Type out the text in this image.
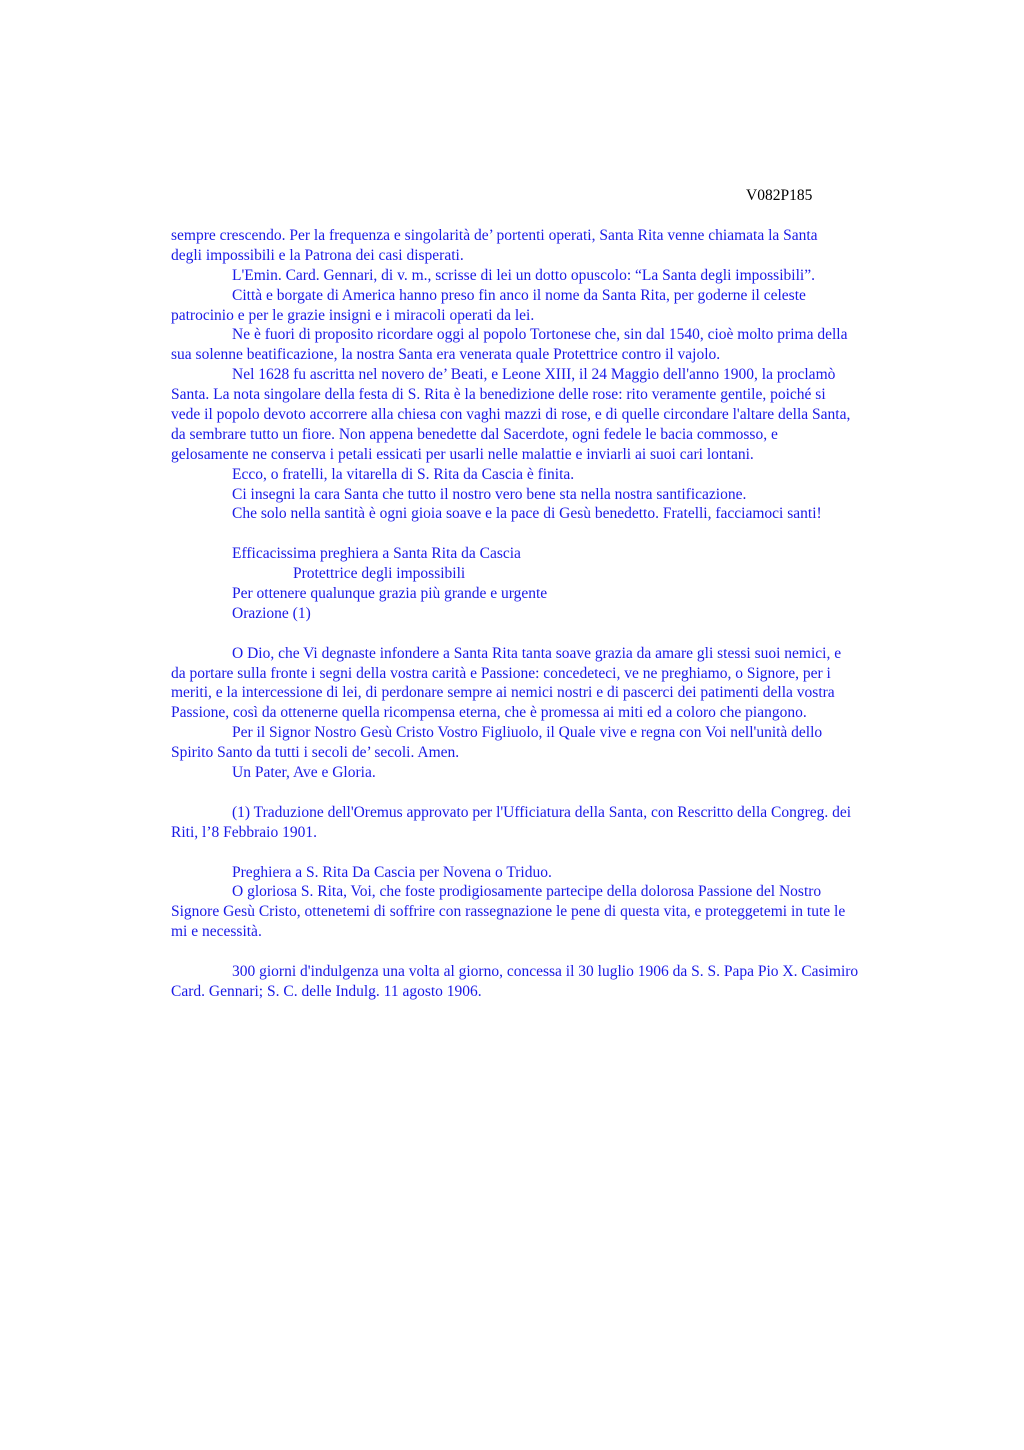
V082P185
sempre crescendo. Per la frequenza e singolarità de’ portenti operati, Santa Rita venne chiamata la Santa
degli impossibili e la Patrona dei casi disperati.
L'Emin. Card. Gennari, di v. m., scrisse di lei un dotto opuscolo: “La Santa degli impossibili”.
Città e borgate di America hanno preso fin anco il nome da Santa Rita, per goderne il celeste
patrocinio e per le grazie insigni e i miracoli operati da lei.
Ne è fuori di proposito ricordare oggi al popolo Tortonese che, sin dal 1540, cioè molto prima della
sua solenne beatificazione, la nostra Santa era venerata quale Protettrice contro il vajolo.
Nel 1628 fu ascritta nel novero de’ Beati, e Leone XIII, il 24 Maggio dell'anno 1900, la proclamò
Santa. La nota singolare della festa di S. Rita è la benedizione delle rose: rito veramente gentile, poiché si
vede il popolo devoto accorrere alla chiesa con vaghi mazzi di rose, e di quelle circondare l'altare della Santa,
da sembrare tutto un fiore. Non appena benedette dal Sacerdote, ogni fedele le bacia commosso, e
gelosamente ne conserva i petali essicati per usarli nelle malattie e inviarli ai suoi cari lontani.
Ecco, o fratelli, la vitarella di S. Rita da Cascia è finita.
Ci insegni la cara Santa che tutto il nostro vero bene sta nella nostra santificazione.
Che solo nella santità è ogni gioia soave e la pace di Gesù benedetto. Fratelli, facciamoci santi!
Efficacissima preghiera a Santa Rita da Cascia
Protettrice degli impossibili
Per ottenere qualunque grazia più grande e urgente
Orazione (1)
O Dio, che Vi degnaste infondere a Santa Rita tanta soave grazia da amare gli stessi suoi nemici, e
da portare sulla fronte i segni della vostra carità e Passione: concedeteci, ve ne preghiamo, o Signore, per i
meriti, e la intercessione di lei, di perdonare sempre ai nemici nostri e di pascerci dei patimenti della vostra
Passione, così da ottenerne quella ricompensa eterna, che è promessa ai miti ed a coloro che piangono.
Per il Signor Nostro Gesù Cristo Vostro Figliuolo, il Quale vive e regna con Voi nell'unità dello
Spirito Santo da tutti i secoli de’ secoli. Amen.
Un Pater, Ave e Gloria.
(1) Traduzione dell'Oremus approvato per l'Ufficiatura della Santa, con Rescritto della Congreg. dei
Riti, l’8 Febbraio 1901.
Preghiera a S. Rita Da Cascia per Novena o Triduo.
O gloriosa S. Rita, Voi, che foste prodigiosamente partecipe della dolorosa Passione del Nostro
Signore Gesù Cristo, ottenetemi di soffrire con rassegnazione le pene di questa vita, e proteggetemi in tute le
mi e necessità.
300 giorni d'indulgenza una volta al giorno, concessa il 30 luglio 1906 da S. S. Papa Pio X. Casimiro
Card. Gennari; S. C. delle Indulg. 11 agosto 1906.
